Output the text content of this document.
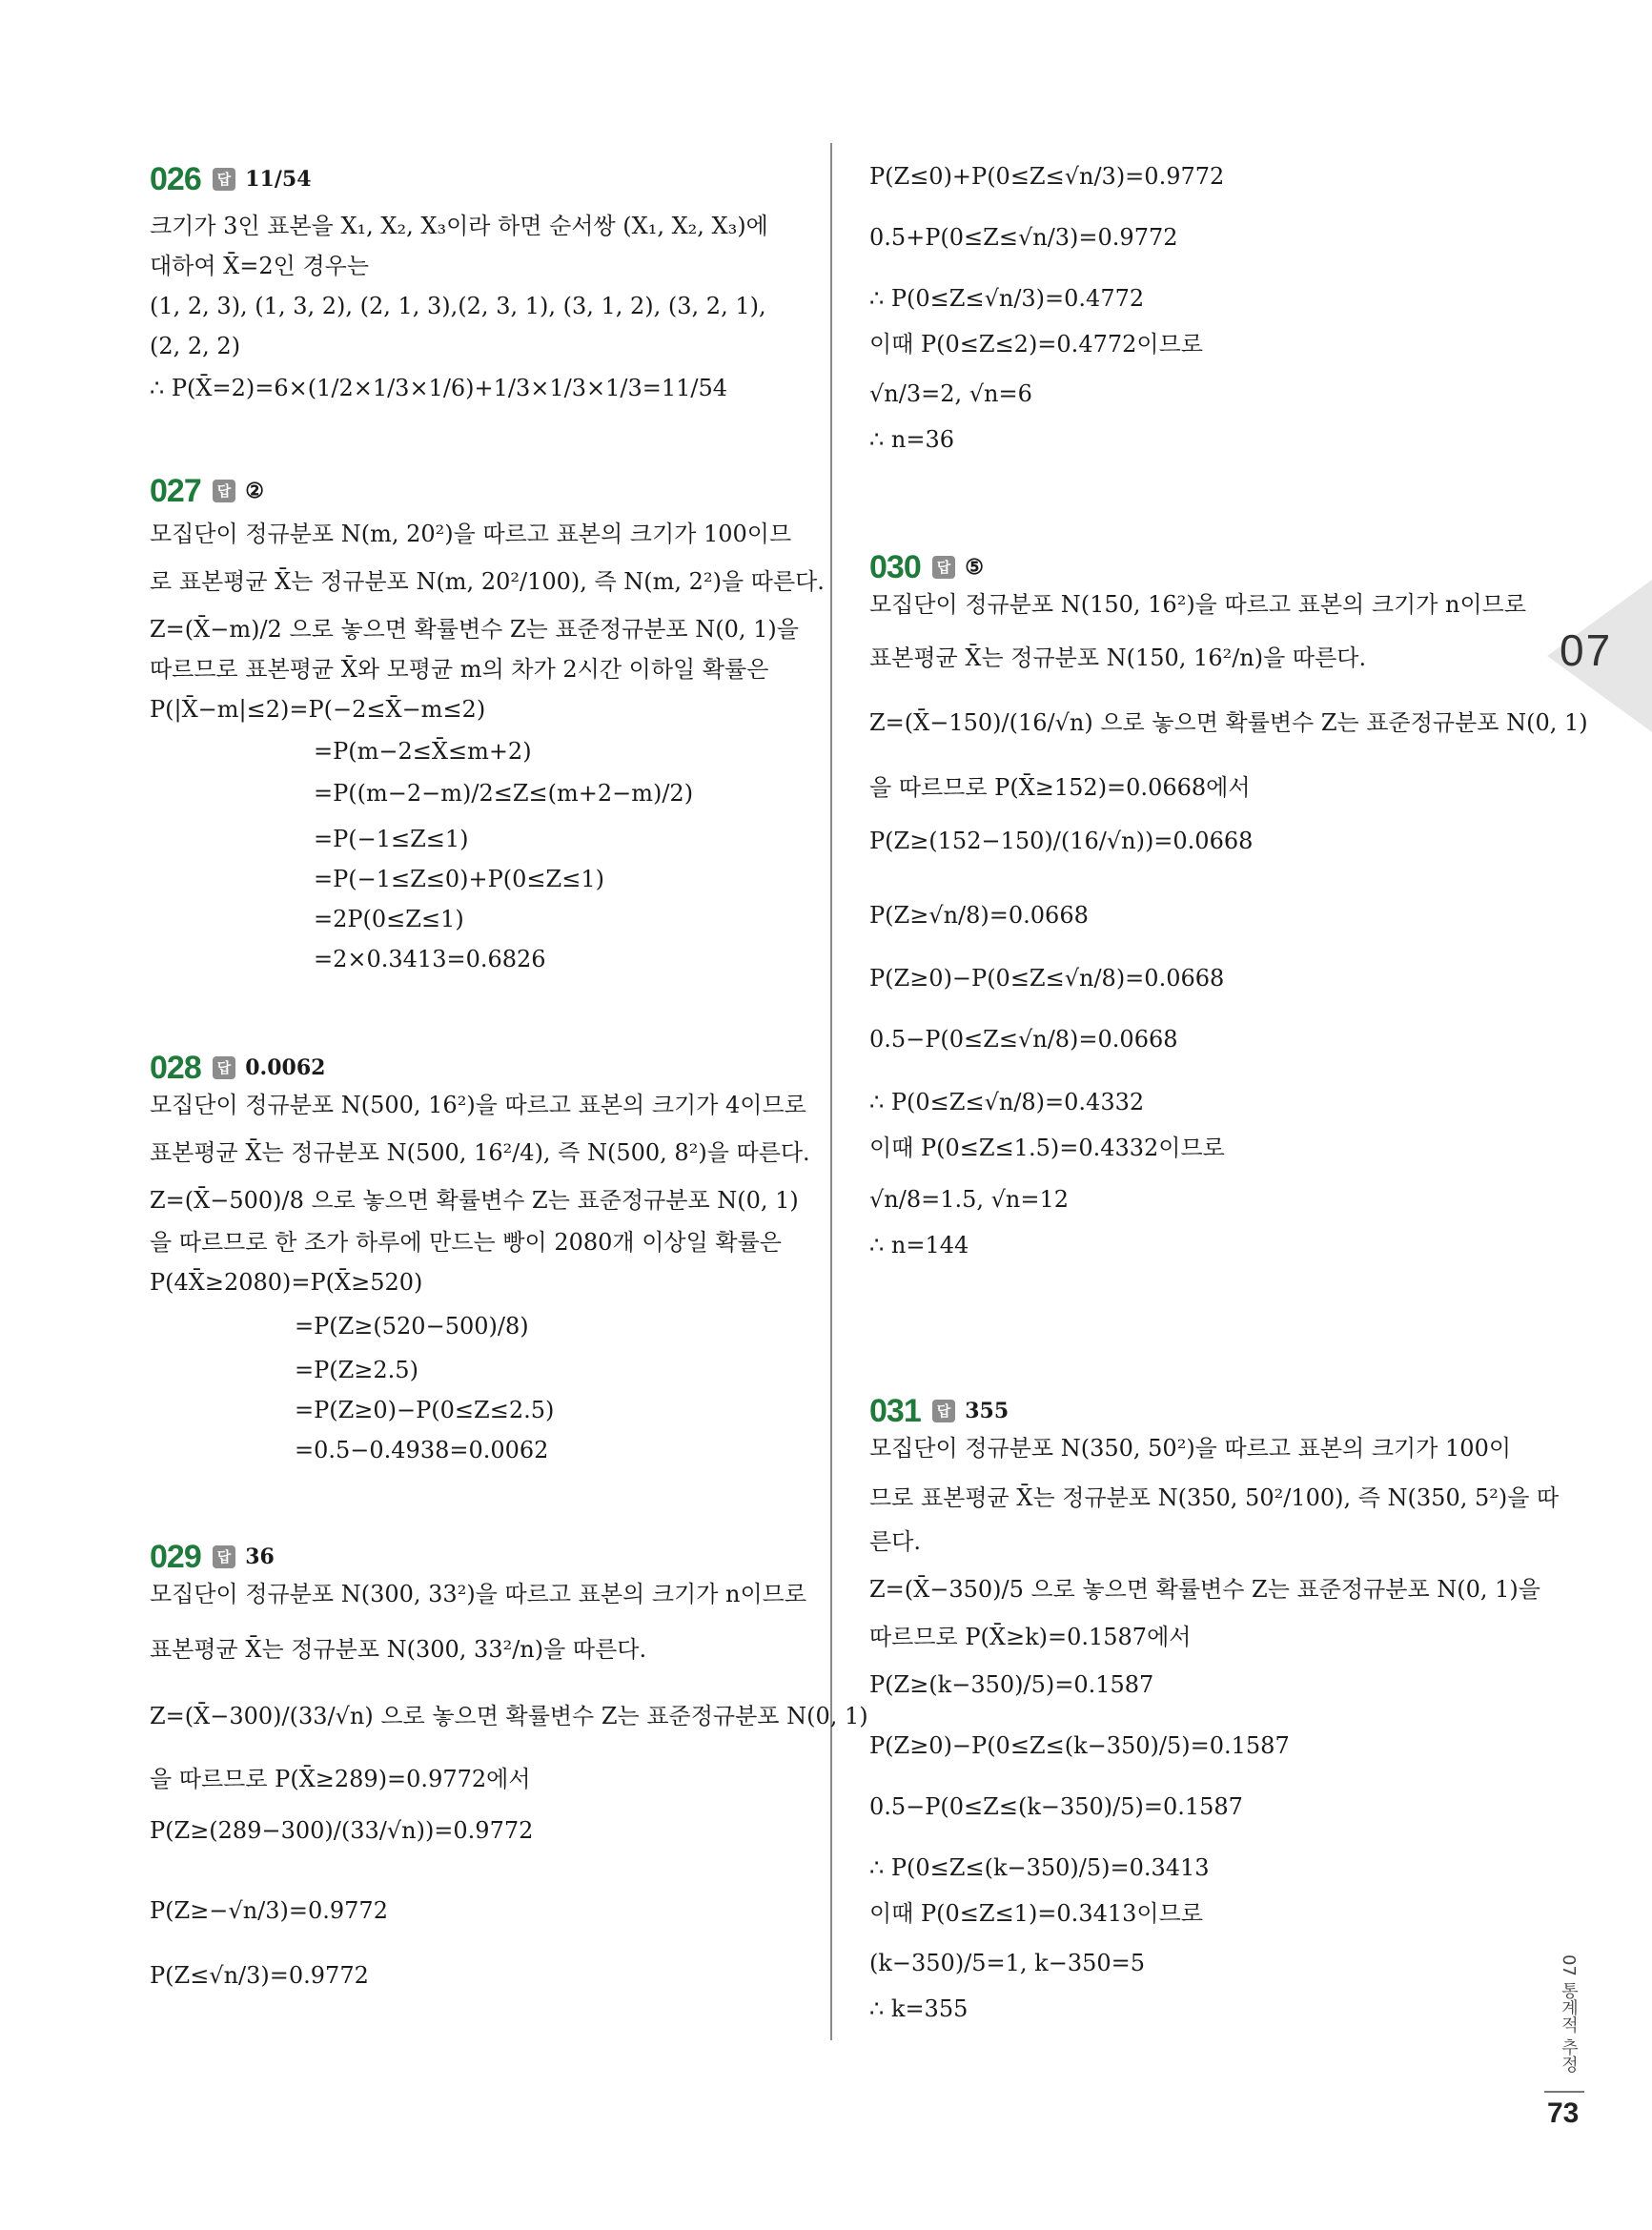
026	답 11/54
크기가 3인 표본을 X₁, X₂, X₃이라 하면 순서쌍 (X₁, X₂, X₃)에
대하여 X̄=2인 경우는
(1, 2, 3), (1, 3, 2), (2, 1, 3),(2, 3, 1), (3, 1, 2), (3, 2, 1),
(2, 2, 2)
∴ P(X̄=2)=6×(1/2×1/3×1/6)+1/3×1/3×1/3=11/54
027	답 ②
모집단이 정규분포 N(m, 20²)을 따르고 표본의 크기가 100이므
로 표본평균 X̄는 정규분포 N(m, 20²/100), 즉 N(m, 2²)을 따른다.
Z=(X̄−m)/2 으로 놓으면 확률변수 Z는 표준정규분포 N(0, 1)을
따르므로 표본평균 X̄와 모평균 m의 차가 2시간 이하일 확률은
P(|X̄−m|≤2)=P(−2≤X̄−m≤2)
=P(m−2≤X̄≤m+2)
=P((m−2−m)/2≤Z≤(m+2−m)/2)
=P(−1≤Z≤1)
=P(−1≤Z≤0)+P(0≤Z≤1)
=2P(0≤Z≤1)
=2×0.3413=0.6826
028	답 0.0062
모집단이 정규분포 N(500, 16²)을 따르고 표본의 크기가 4이므로
표본평균 X̄는 정규분포 N(500, 16²/4), 즉 N(500, 8²)을 따른다.
Z=(X̄−500)/8 으로 놓으면 확률변수 Z는 표준정규분포 N(0, 1)
을 따르므로 한 조가 하루에 만드는 빵이 2080개 이상일 확률은
P(4X̄≥2080)=P(X̄≥520)
=P(Z≥(520−500)/8)
=P(Z≥2.5)
=P(Z≥0)−P(0≤Z≤2.5)
=0.5−0.4938=0.0062
029	답 36
모집단이 정규분포 N(300, 33²)을 따르고 표본의 크기가 n이므로
표본평균 X̄는 정규분포 N(300, 33²/n)을 따른다.
Z=(X̄−300)/(33/√n) 으로 놓으면 확률변수 Z는 표준정규분포 N(0, 1)
을 따르므로 P(X̄≥289)=0.9772에서
P(Z≥(289−300)/(33/√n))=0.9772
P(Z≥−√n/3)=0.9772
P(Z≤√n/3)=0.9772
P(Z≤0)+P(0≤Z≤√n/3)=0.9772
0.5+P(0≤Z≤√n/3)=0.9772
∴ P(0≤Z≤√n/3)=0.4772
이때 P(0≤Z≤2)=0.4772이므로
√n/3=2, √n=6
∴ n=36
030	답 ⑤
모집단이 정규분포 N(150, 16²)을 따르고 표본의 크기가 n이므로
표본평균 X̄는 정규분포 N(150, 16²/n)을 따른다.
Z=(X̄−150)/(16/√n) 으로 놓으면 확률변수 Z는 표준정규분포 N(0, 1)
을 따르므로 P(X̄≥152)=0.0668에서
P(Z≥(152−150)/(16/√n))=0.0668
P(Z≥√n/8)=0.0668
P(Z≥0)−P(0≤Z≤√n/8)=0.0668
0.5−P(0≤Z≤√n/8)=0.0668
∴ P(0≤Z≤√n/8)=0.4332
이때 P(0≤Z≤1.5)=0.4332이므로
√n/8=1.5, √n=12
∴ n=144
031	답 355
모집단이 정규분포 N(350, 50²)을 따르고 표본의 크기가 100이
므로 표본평균 X̄는 정규분포 N(350, 50²/100), 즉 N(350, 5²)을 따
른다.
Z=(X̄−350)/5 으로 놓으면 확률변수 Z는 표준정규분포 N(0, 1)을
따르므로 P(X̄≥k)=0.1587에서
P(Z≥(k−350)/5)=0.1587
P(Z≥0)−P(0≤Z≤(k−350)/5)=0.1587
0.5−P(0≤Z≤(k−350)/5)=0.1587
∴ P(0≤Z≤(k−350)/5)=0.3413
이때 P(0≤Z≤1)=0.3413이므로
(k−350)/5=1, k−350=5
∴ k=355
07
07 통계적 추정
73
